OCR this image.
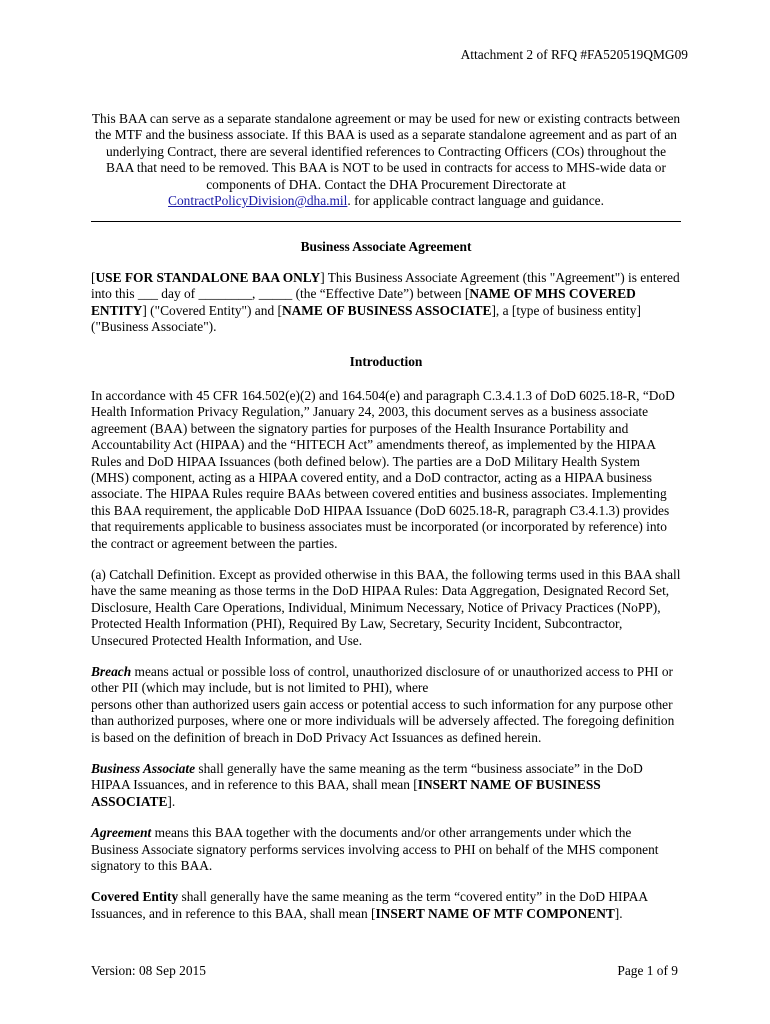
Attachment 2 of RFQ #FA520519QMG09

This BAA can serve as a separate standalone agreement or may be used for new or existing contracts between the MTF and the business associate. If this BAA is used as a separate standalone agreement and as part of an underlying Contract, there are several identified references to Contracting Officers (COs) throughout the BAA that need to be removed. This BAA is NOT to be used in contracts for access to MHS-wide data or components of DHA. Contact the DHA Procurement Directorate at
ContractPolicyDivision@dha.mil. for applicable contract language and guidance.

Business Associate Agreement

[USE FOR STANDALONE BAA ONLY] This Business Associate Agreement (this "Agreement") is entered into this ___ day of ________, _____ (the “Effective Date”) between [NAME OF MHS COVERED ENTITY] ("Covered Entity") and [NAME OF BUSINESS ASSOCIATE], a [type of business entity] ("Business Associate").

Introduction

In accordance with 45 CFR 164.502(e)(2) and 164.504(e) and paragraph C.3.4.1.3 of DoD 6025.18-R, “DoD Health Information Privacy Regulation,” January 24, 2003, this document serves as a business associate agreement (BAA) between the signatory parties for purposes of the Health Insurance Portability and Accountability Act (HIPAA) and the “HITECH Act” amendments thereof, as implemented by the HIPAA Rules and DoD HIPAA Issuances (both defined below). The parties are a DoD Military Health System (MHS) component, acting as a HIPAA covered entity, and a DoD contractor, acting as a HIPAA business associate. The HIPAA Rules require BAAs between covered entities and business associates. Implementing this BAA requirement, the applicable DoD HIPAA Issuance (DoD 6025.18-R, paragraph C3.4.1.3) provides that requirements applicable to business associates must be incorporated (or incorporated by reference) into the contract or agreement between the parties.

(a) Catchall Definition. Except as provided otherwise in this BAA, the following terms used in this BAA shall have the same meaning as those terms in the DoD HIPAA Rules: Data Aggregation, Designated Record Set, Disclosure, Health Care Operations, Individual, Minimum Necessary, Notice of Privacy Practices (NoPP), Protected Health Information (PHI), Required By Law, Secretary, Security Incident, Subcontractor, Unsecured Protected Health Information, and Use.

Breach means actual or possible loss of control, unauthorized disclosure of or unauthorized access to PHI or other PII (which may include, but is not limited to PHI), where
persons other than authorized users gain access or potential access to such information for any purpose other than authorized purposes, where one or more individuals will be adversely affected. The foregoing definition is based on the definition of breach in DoD Privacy Act Issuances as defined herein.

Business Associate shall generally have the same meaning as the term “business associate” in the DoD HIPAA Issuances, and in reference to this BAA, shall mean [INSERT NAME OF BUSINESS ASSOCIATE].

Agreement means this BAA together with the documents and/or other arrangements under which the Business Associate signatory performs services involving access to PHI on behalf of the MHS component signatory to this BAA.

Covered Entity shall generally have the same meaning as the term “covered entity” in the DoD HIPAA Issuances, and in reference to this BAA, shall mean [INSERT NAME OF MTF COMPONENT].

Version: 08 Sep 2015	Page 1 of 9
